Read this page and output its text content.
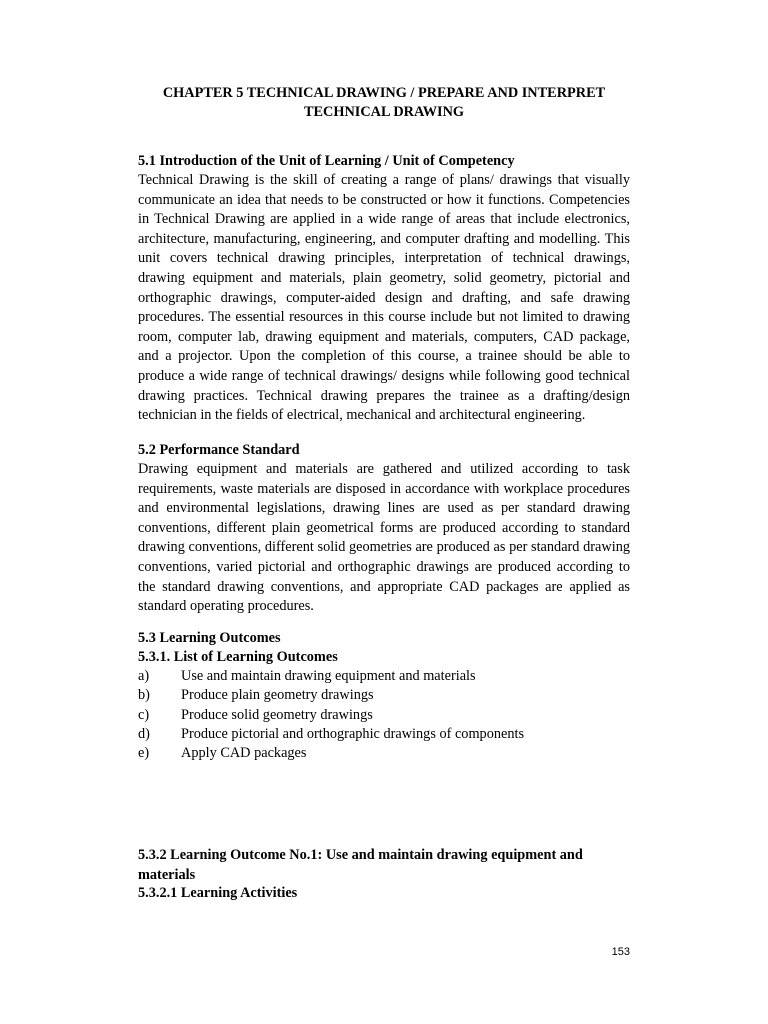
CHAPTER 5 TECHNICAL DRAWING / PREPARE AND INTERPRET
TECHNICAL DRAWING
5.1 Introduction of the Unit of Learning / Unit of Competency
Technical Drawing is the skill of creating a range of plans/ drawings that visually communicate an idea that needs to be constructed or how it functions. Competencies in Technical Drawing are applied in a wide range of areas that include electronics, architecture, manufacturing, engineering, and computer drafting and modelling. This unit covers technical drawing principles, interpretation of technical drawings, drawing equipment and materials, plain geometry, solid geometry, pictorial and orthographic drawings, computer-aided design and drafting, and safe drawing procedures. The essential resources in this course include but not limited to drawing room, computer lab, drawing equipment and materials, computers, CAD package, and a projector. Upon the completion of this course, a trainee should be able to produce a wide range of technical drawings/ designs while following good technical drawing practices. Technical drawing prepares the trainee as a drafting/design technician in the fields of electrical, mechanical and architectural engineering.
5.2 Performance Standard
Drawing equipment and materials are gathered and utilized according to task requirements, waste materials are disposed in accordance with workplace procedures and environmental legislations, drawing lines are used as per standard drawing conventions, different plain geometrical forms are produced according to standard drawing conventions, different solid geometries are produced as per standard drawing conventions, varied pictorial and orthographic drawings are produced according to the standard drawing conventions, and appropriate CAD packages are applied as standard operating procedures.
5.3 Learning Outcomes
5.3.1. List of Learning Outcomes
a)	Use and maintain drawing equipment and materials
b)	Produce plain geometry drawings
c)	Produce solid geometry drawings
d)	Produce pictorial and orthographic drawings of components
e)	Apply CAD packages
5.3.2 Learning Outcome No.1: Use and maintain drawing equipment and materials
5.3.2.1 Learning Activities
153
